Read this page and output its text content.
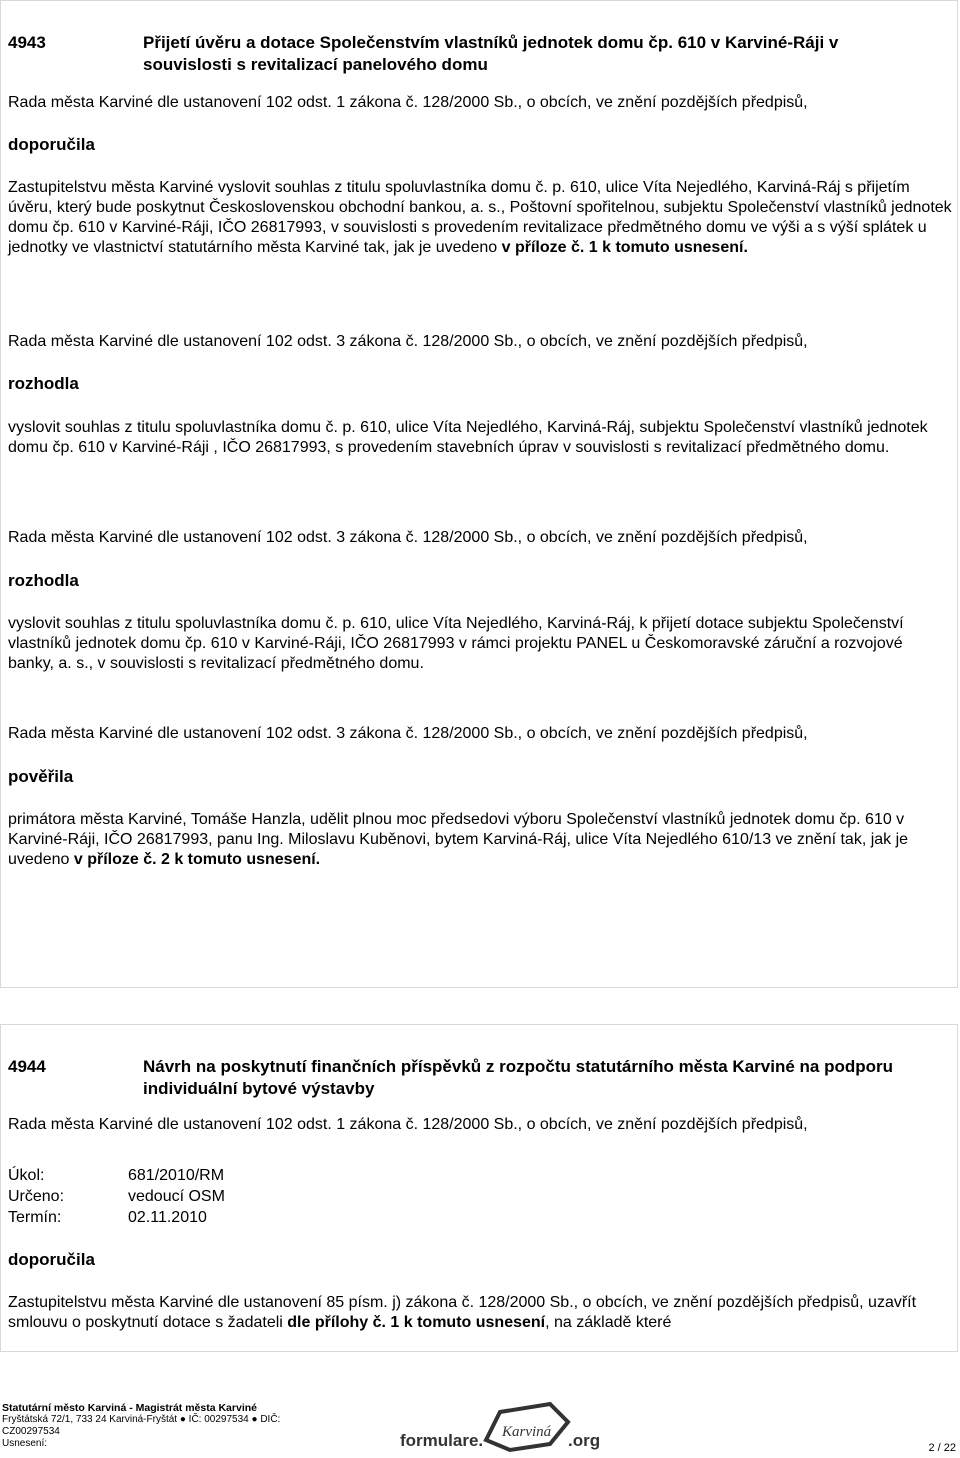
4943	Přijetí úvěru a dotace Společenstvím vlastníků jednotek domu čp. 610 v Karviné-Ráji v souvislosti s revitalizací panelového domu
Rada města Karviné dle ustanovení 102 odst. 1 zákona č. 128/2000 Sb., o obcích, ve znění pozdějších předpisů,
doporučila
Zastupitelstvu města Karviné vyslovit souhlas z titulu spoluvlastníka domu č. p. 610, ulice Víta Nejedlého, Karviná-Ráj s přijetím úvěru, který bude poskytnut Československou obchodní bankou, a. s., Poštovní spořitelnou, subjektu Společenství vlastníků jednotek domu čp. 610 v Karviné-Ráji, IČO 26817993, v souvislosti s provedením revitalizace předmětného domu ve výši a s výší splátek u jednotky ve vlastnictví statutárního města Karviné tak, jak je uvedeno v příloze č. 1 k tomuto usnesení.
Rada města Karviné dle ustanovení 102 odst. 3 zákona č. 128/2000 Sb., o obcích, ve znění pozdějších předpisů,
rozhodla
vyslovit souhlas z titulu spoluvlastníka domu č. p. 610, ulice Víta Nejedlého, Karviná-Ráj, subjektu Společenství vlastníků jednotek domu čp. 610 v Karviné-Ráji , IČO 26817993, s provedením stavebních úprav v souvislosti s revitalizací předmětného domu.
Rada města Karviné dle ustanovení 102 odst. 3 zákona č. 128/2000 Sb., o obcích, ve znění pozdějších předpisů,
rozhodla
vyslovit souhlas z titulu spoluvlastníka domu č. p. 610, ulice Víta Nejedlého, Karviná-Ráj, k přijetí dotace subjektu Společenství vlastníků jednotek domu čp. 610 v Karviné-Ráji, IČO 26817993 v rámci projektu PANEL u Českomoravské záruční a rozvojové banky, a. s., v souvislosti s revitalizací předmětného domu.
Rada města Karviné dle ustanovení 102 odst. 3 zákona č. 128/2000 Sb., o obcích, ve znění pozdějších předpisů,
pověřila
primátora města Karviné, Tomáše Hanzla, udělit plnou moc předsedovi výboru Společenství vlastníků jednotek domu čp. 610 v Karviné-Ráji, IČO 26817993, panu Ing. Miloslavu Kuběnovi, bytem Karviná-Ráj, ulice Víta Nejedlého 610/13 ve znění tak, jak je uvedeno v příloze č. 2 k tomuto usnesení.
4944	Návrh na poskytnutí finančních příspěvků z rozpočtu statutárního města Karviné na podporu individuální bytové výstavby
Rada města Karviné dle ustanovení 102 odst. 1 zákona č. 128/2000 Sb., o obcích, ve znění pozdějších předpisů,
Úkol:	681/2010/RM
Určeno:	vedoucí OSM
Termín:	02.11.2010
doporučila
Zastupitelstvu města Karviné dle ustanovení 85 písm. j) zákona č. 128/2000 Sb., o obcích, ve znění pozdějších předpisů, uzavřít smlouvu o poskytnutí dotace s žadateli dle přílohy č. 1 k tomuto usnesení, na základě které
Statutární město Karviná - Magistrát města Karviné
Fryštátská 72/1, 733 24 Karviná-Fryštát ● IČ: 00297534 ● DIČ: CZ00297534
Usnesení:	formulare. Karviná .org	2 / 22
